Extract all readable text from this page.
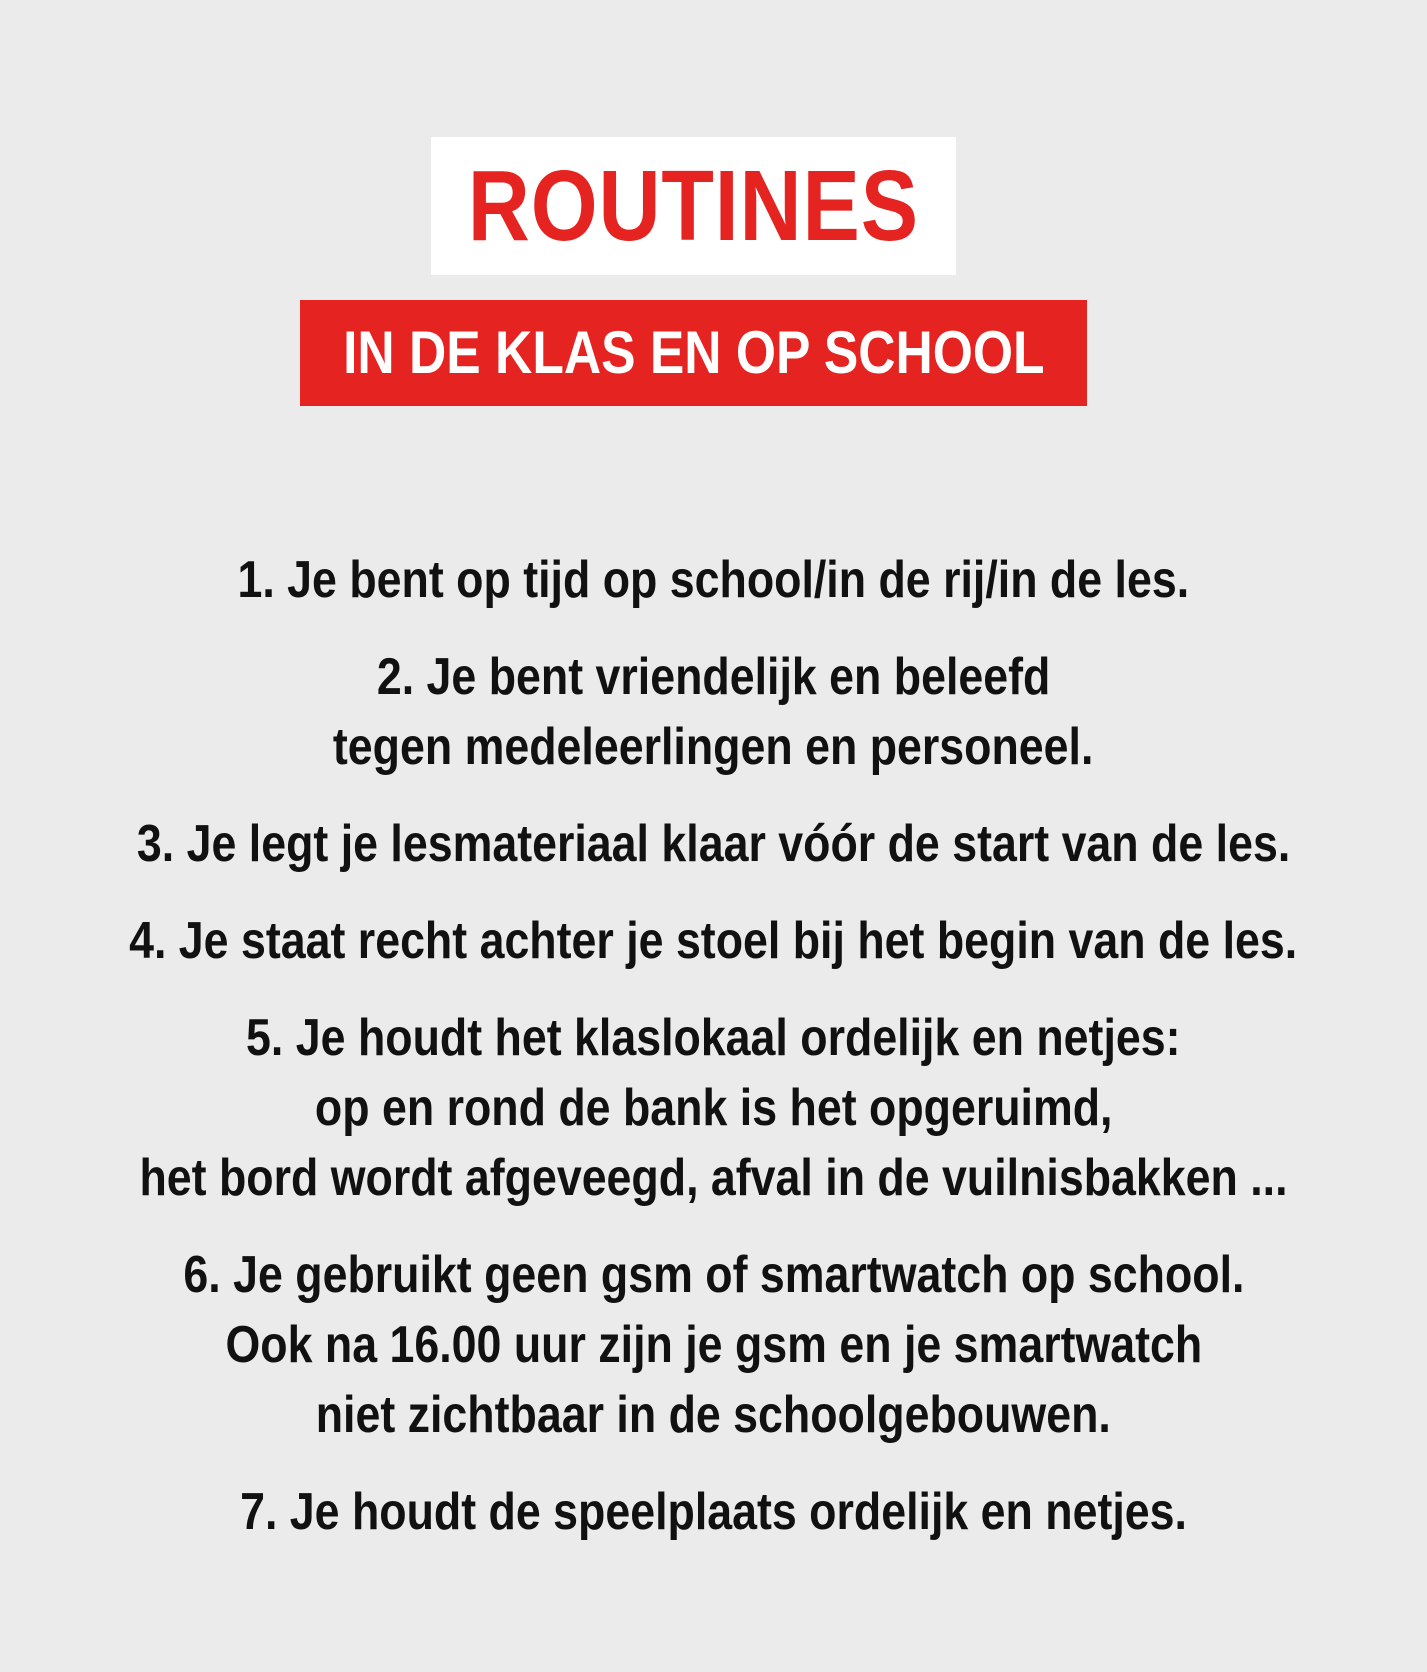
ROUTINES
IN DE KLAS EN OP SCHOOL
1. Je bent op tijd op school/in de rij/in de les.
2. Je bent vriendelijk en beleefd
tegen medeleerlingen en personeel.
3. Je legt je lesmateriaal klaar vóór de start van de les.
4. Je staat recht achter je stoel bij het begin van de les.
5. Je houdt het klaslokaal ordelijk en netjes:
op en rond de bank is het opgeruimd,
het bord wordt afgeveegd, afval in de vuilnisbakken ...
6. Je gebruikt geen gsm of smartwatch op school.
Ook na 16.00 uur zijn je gsm en je smartwatch
niet zichtbaar in de schoolgebouwen.
7. Je houdt de speelplaats ordelijk en netjes.
